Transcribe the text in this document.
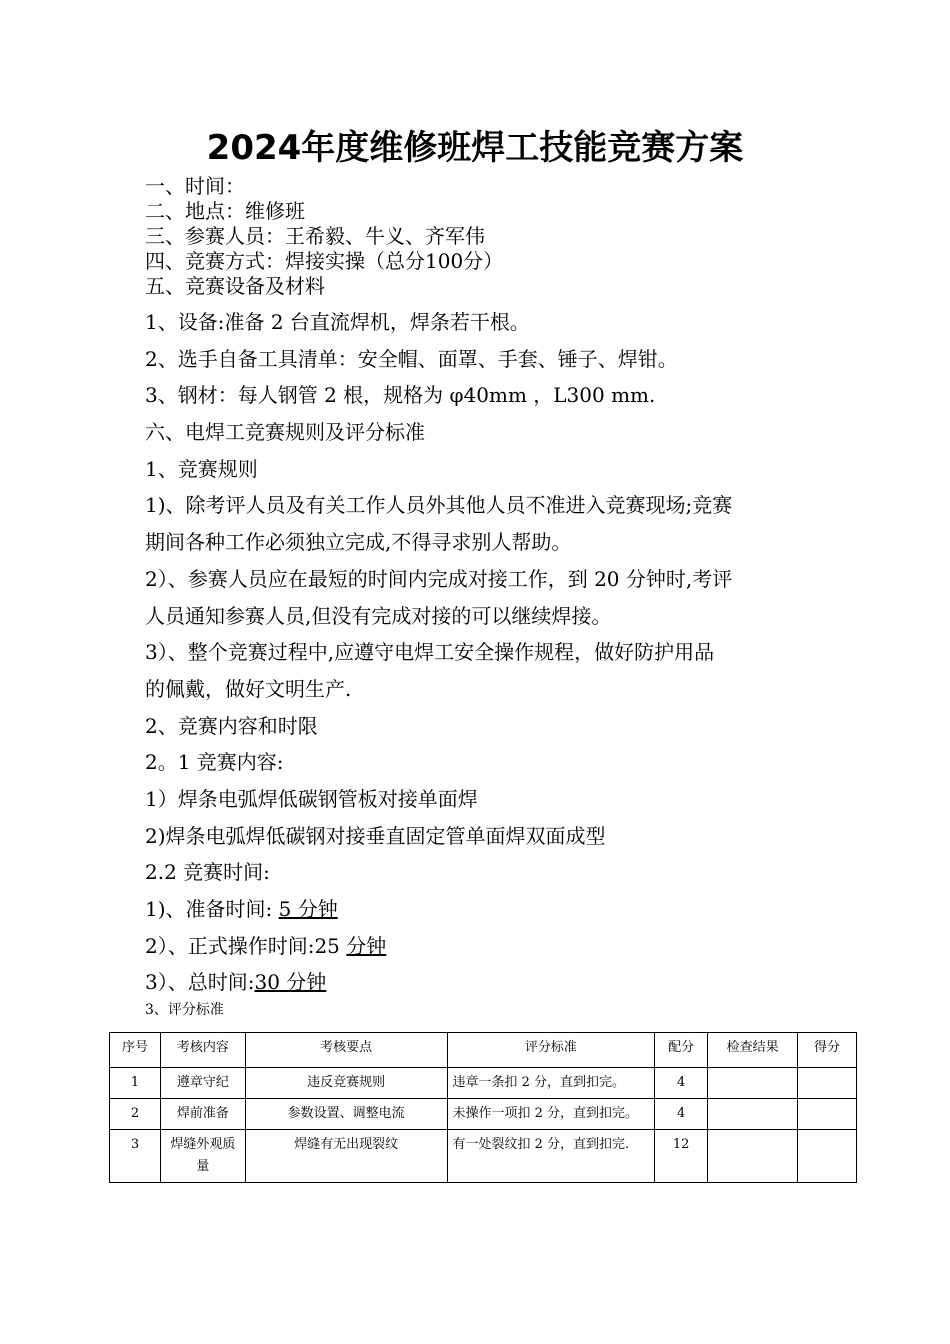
2024年度维修班焊工技能竞赛方案
一、时间：
二、地点：维修班
三、参赛人员：王希毅、牛义、齐军伟
四、竞赛方式：焊接实操（总分100分）
五、竞赛设备及材料
1、设备:准备 2 台直流焊机，焊条若干根。
2、选手自备工具清单：安全帽、面罩、手套、锤子、焊钳。
3、钢材：每人钢管 2 根，规格为 φ40mm ，L300 mm.
六、电焊工竞赛规则及评分标准
1、竞赛规则
1)、除考评人员及有关工作人员外其他人员不准进入竞赛现场;竞赛
期间各种工作必须独立完成,不得寻求别人帮助。
2）、参赛人员应在最短的时间内完成对接工作，到 20 分钟时,考评
人员通知参赛人员,但没有完成对接的可以继续焊接。
3）、整个竞赛过程中,应遵守电焊工安全操作规程，做好防护用品
的佩戴，做好文明生产.
2、竞赛内容和时限
2。1 竞赛内容:
1）焊条电弧焊低碳钢管板对接单面焊
2)焊条电弧焊低碳钢对接垂直固定管单面焊双面成型
2.2 竞赛时间:
1)、准备时间: 5 分钟
2）、正式操作时间:25 分钟
3）、总时间:30 分钟
3、评分标准
序号	考核内容	考核要点	评分标准	配分	检查结果	得分
1	遵章守纪	违反竞赛规则	违章一条扣 2 分，直到扣完。	4		
2	焊前准备	参数设置、调整电流	未操作一项扣 2 分，直到扣完。	4		
3	焊缝外观质量	焊缝有无出现裂纹	有一处裂纹扣 2 分，直到扣完.	12		
